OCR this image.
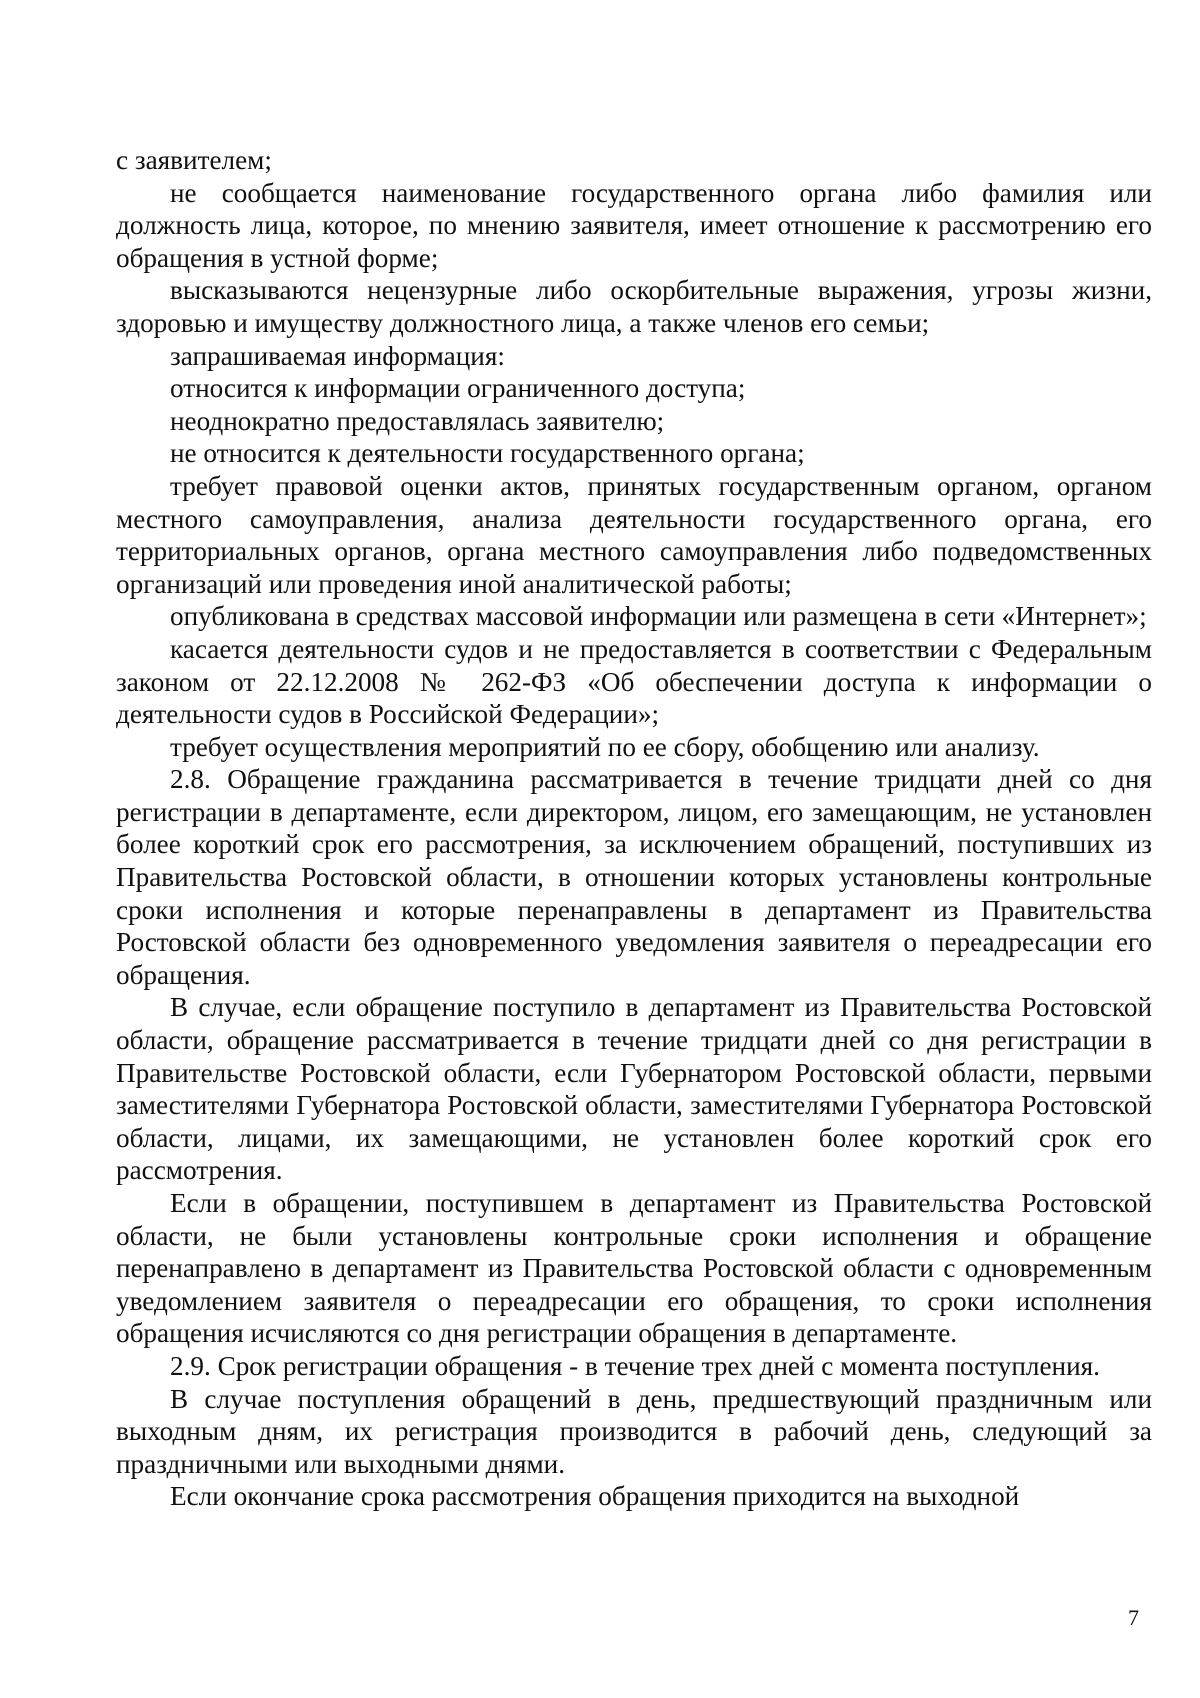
с заявителем;

не сообщается наименование государственного органа либо фамилия или должность лица, которое, по мнению заявителя, имеет отношение к рассмотрению его обращения в устной форме;

высказываются нецензурные либо оскорбительные выражения, угрозы жизни, здоровью и имуществу должностного лица, а также членов его семьи;

запрашиваемая информация:

относится к информации ограниченного доступа;

неоднократно предоставлялась заявителю;

не относится к деятельности государственного органа;

требует правовой оценки актов, принятых государственным органом, органом местного самоуправления, анализа деятельности государственного органа, его территориальных органов, органа местного самоуправления либо подведомственных организаций или проведения иной аналитической работы;

опубликована в средствах массовой информации или размещена в сети «Интернет»;

касается деятельности судов и не предоставляется в соответствии с Федеральным законом от 22.12.2008 № 262-ФЗ «Об обеспечении доступа к информации о деятельности судов в Российской Федерации»;

требует осуществления мероприятий по ее сбору, обобщению или анализу.

2.8. Обращение гражданина рассматривается в течение тридцати дней со дня регистрации в департаменте, если директором, лицом, его замещающим, не установлен более короткий срок его рассмотрения, за исключением обращений, поступивших из Правительства Ростовской области, в отношении которых установлены контрольные сроки исполнения и которые перенаправлены в департамент из Правительства Ростовской области без одновременного уведомления заявителя о переадресации его обращения.

В случае, если обращение поступило в департамент из Правительства Ростовской области, обращение рассматривается в течение тридцати дней со дня регистрации в Правительстве Ростовской области, если Губернатором Ростовской области, первыми заместителями Губернатора Ростовской области, заместителями Губернатора Ростовской области, лицами, их замещающими, не установлен более короткий срок его рассмотрения.

Если в обращении, поступившем в департамент из Правительства Ростовской области, не были установлены контрольные сроки исполнения и обращение перенаправлено в департамент из Правительства Ростовской области с одновременным уведомлением заявителя о переадресации его обращения, то сроки исполнения обращения исчисляются со дня регистрации обращения в департаменте.

2.9. Срок регистрации обращения - в течение трех дней с момента поступления.

В случае поступления обращений в день, предшествующий праздничным или выходным дням, их регистрация производится в рабочий день, следующий за праздничными или выходными днями.

Если окончание срока рассмотрения обращения приходится на выходной

7
